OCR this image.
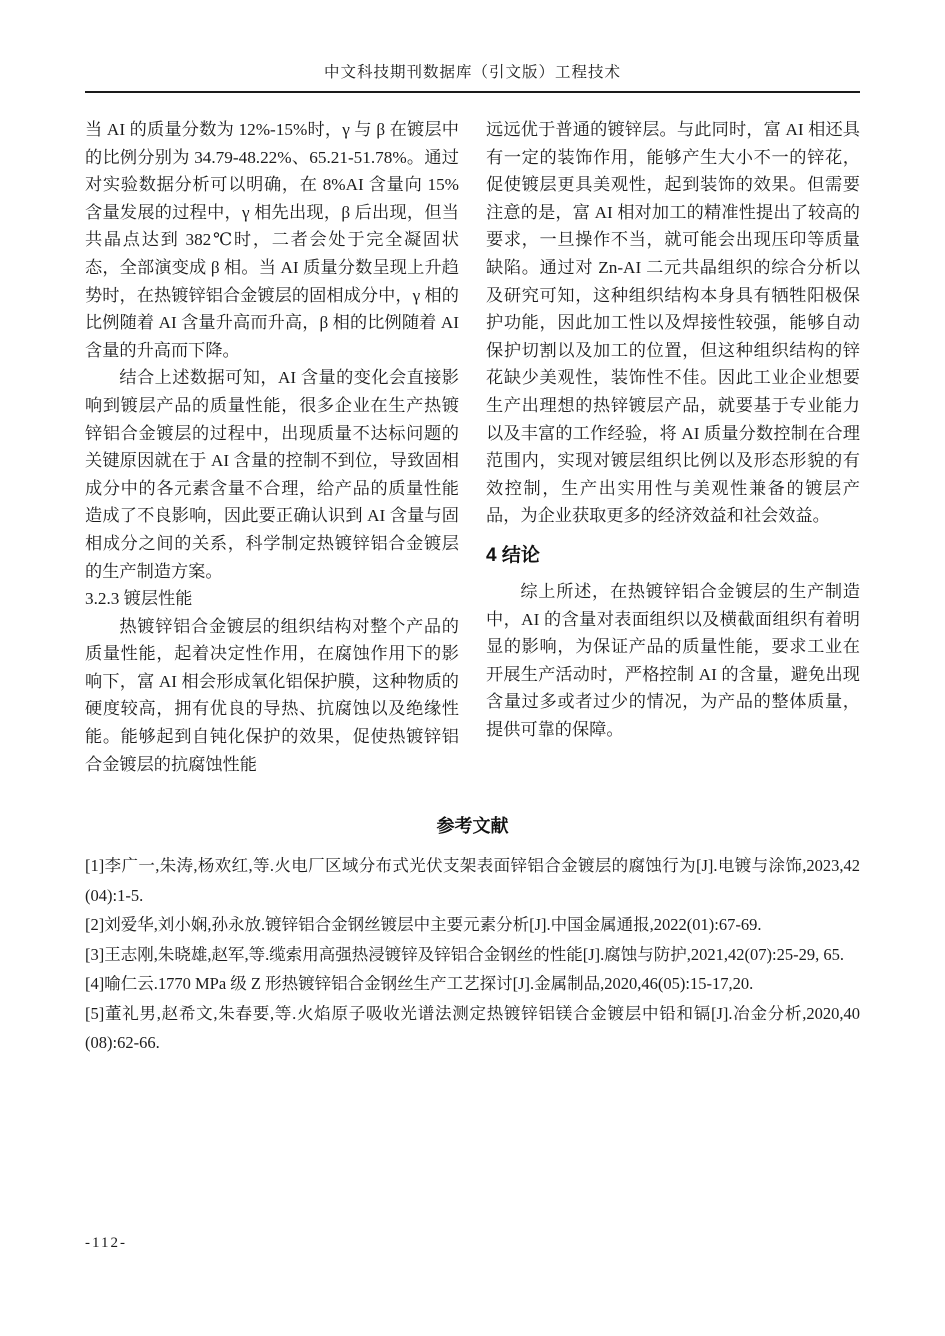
中文科技期刊数据库（引文版）工程技术

当 AI 的质量分数为 12%-15%时，γ 与 β 在镀层中的比例分别为 34.79-48.22%、65.21-51.78%。通过对实验数据分析可以明确，在 8%AI 含量向 15%含量发展的过程中，γ 相先出现，β 后出现，但当共晶点达到 382℃时，二者会处于完全凝固状态，全部演变成 β 相。当 AI 质量分数呈现上升趋势时，在热镀锌铝合金镀层的固相成分中，γ 相的比例随着 AI 含量升高而升高，β 相的比例随着 AI 含量的升高而下降。

结合上述数据可知，AI 含量的变化会直接影响到镀层产品的质量性能，很多企业在生产热镀锌铝合金镀层的过程中，出现质量不达标问题的关键原因就在于 AI 含量的控制不到位，导致固相成分中的各元素含量不合理，给产品的质量性能造成了不良影响，因此要正确认识到 AI 含量与固相成分之间的关系，科学制定热镀锌铝合金镀层的生产制造方案。

3.2.3 镀层性能

热镀锌铝合金镀层的组织结构对整个产品的质量性能，起着决定性作用，在腐蚀作用下的影响下，富 AI 相会形成氧化铝保护膜，这种物质的硬度较高，拥有优良的导热、抗腐蚀以及绝缘性能。能够起到自钝化保护的效果，促使热镀锌铝合金镀层的抗腐蚀性能

远远优于普通的镀锌层。与此同时，富 AI 相还具有一定的装饰作用，能够产生大小不一的锌花，促使镀层更具美观性，起到装饰的效果。但需要注意的是，富 AI 相对加工的精准性提出了较高的要求，一旦操作不当，就可能会出现压印等质量缺陷。通过对 Zn-AI 二元共晶组织的综合分析以及研究可知，这种组织结构本身具有牺牲阳极保护功能，因此加工性以及焊接性较强，能够自动保护切割以及加工的位置，但这种组织结构的锌花缺少美观性，装饰性不佳。因此工业企业想要生产出理想的热锌镀层产品，就要基于专业能力以及丰富的工作经验，将 AI 质量分数控制在合理范围内，实现对镀层组织比例以及形态形貌的有效控制，生产出实用性与美观性兼备的镀层产品，为企业获取更多的经济效益和社会效益。

4 结论

综上所述，在热镀锌铝合金镀层的生产制造中，AI 的含量对表面组织以及横截面组织有着明显的影响，为保证产品的质量性能，要求工业在开展生产活动时，严格控制 AI 的含量，避免出现含量过多或者过少的情况，为产品的整体质量，提供可靠的保障。

参考文献

[1]李广一,朱涛,杨欢红,等.火电厂区域分布式光伏支架表面锌铝合金镀层的腐蚀行为[J].电镀与涂饰,2023,42 (04):1-5.

[2]刘爱华,刘小娴,孙永放.镀锌铝合金钢丝镀层中主要元素分析[J].中国金属通报,2022(01):67-69.

[3]王志刚,朱晓雄,赵军,等.缆索用高强热浸镀锌及锌铝合金钢丝的性能[J].腐蚀与防护,2021,42(07):25-29, 65.

[4]喻仁云.1770 MPa 级 Z 形热镀锌铝合金钢丝生产工艺探讨[J].金属制品,2020,46(05):15-17,20.

[5]董礼男,赵希文,朱春要,等.火焰原子吸收光谱法测定热镀锌铝镁合金镀层中铅和镉[J].冶金分析,2020,40 (08):62-66.

-112-
